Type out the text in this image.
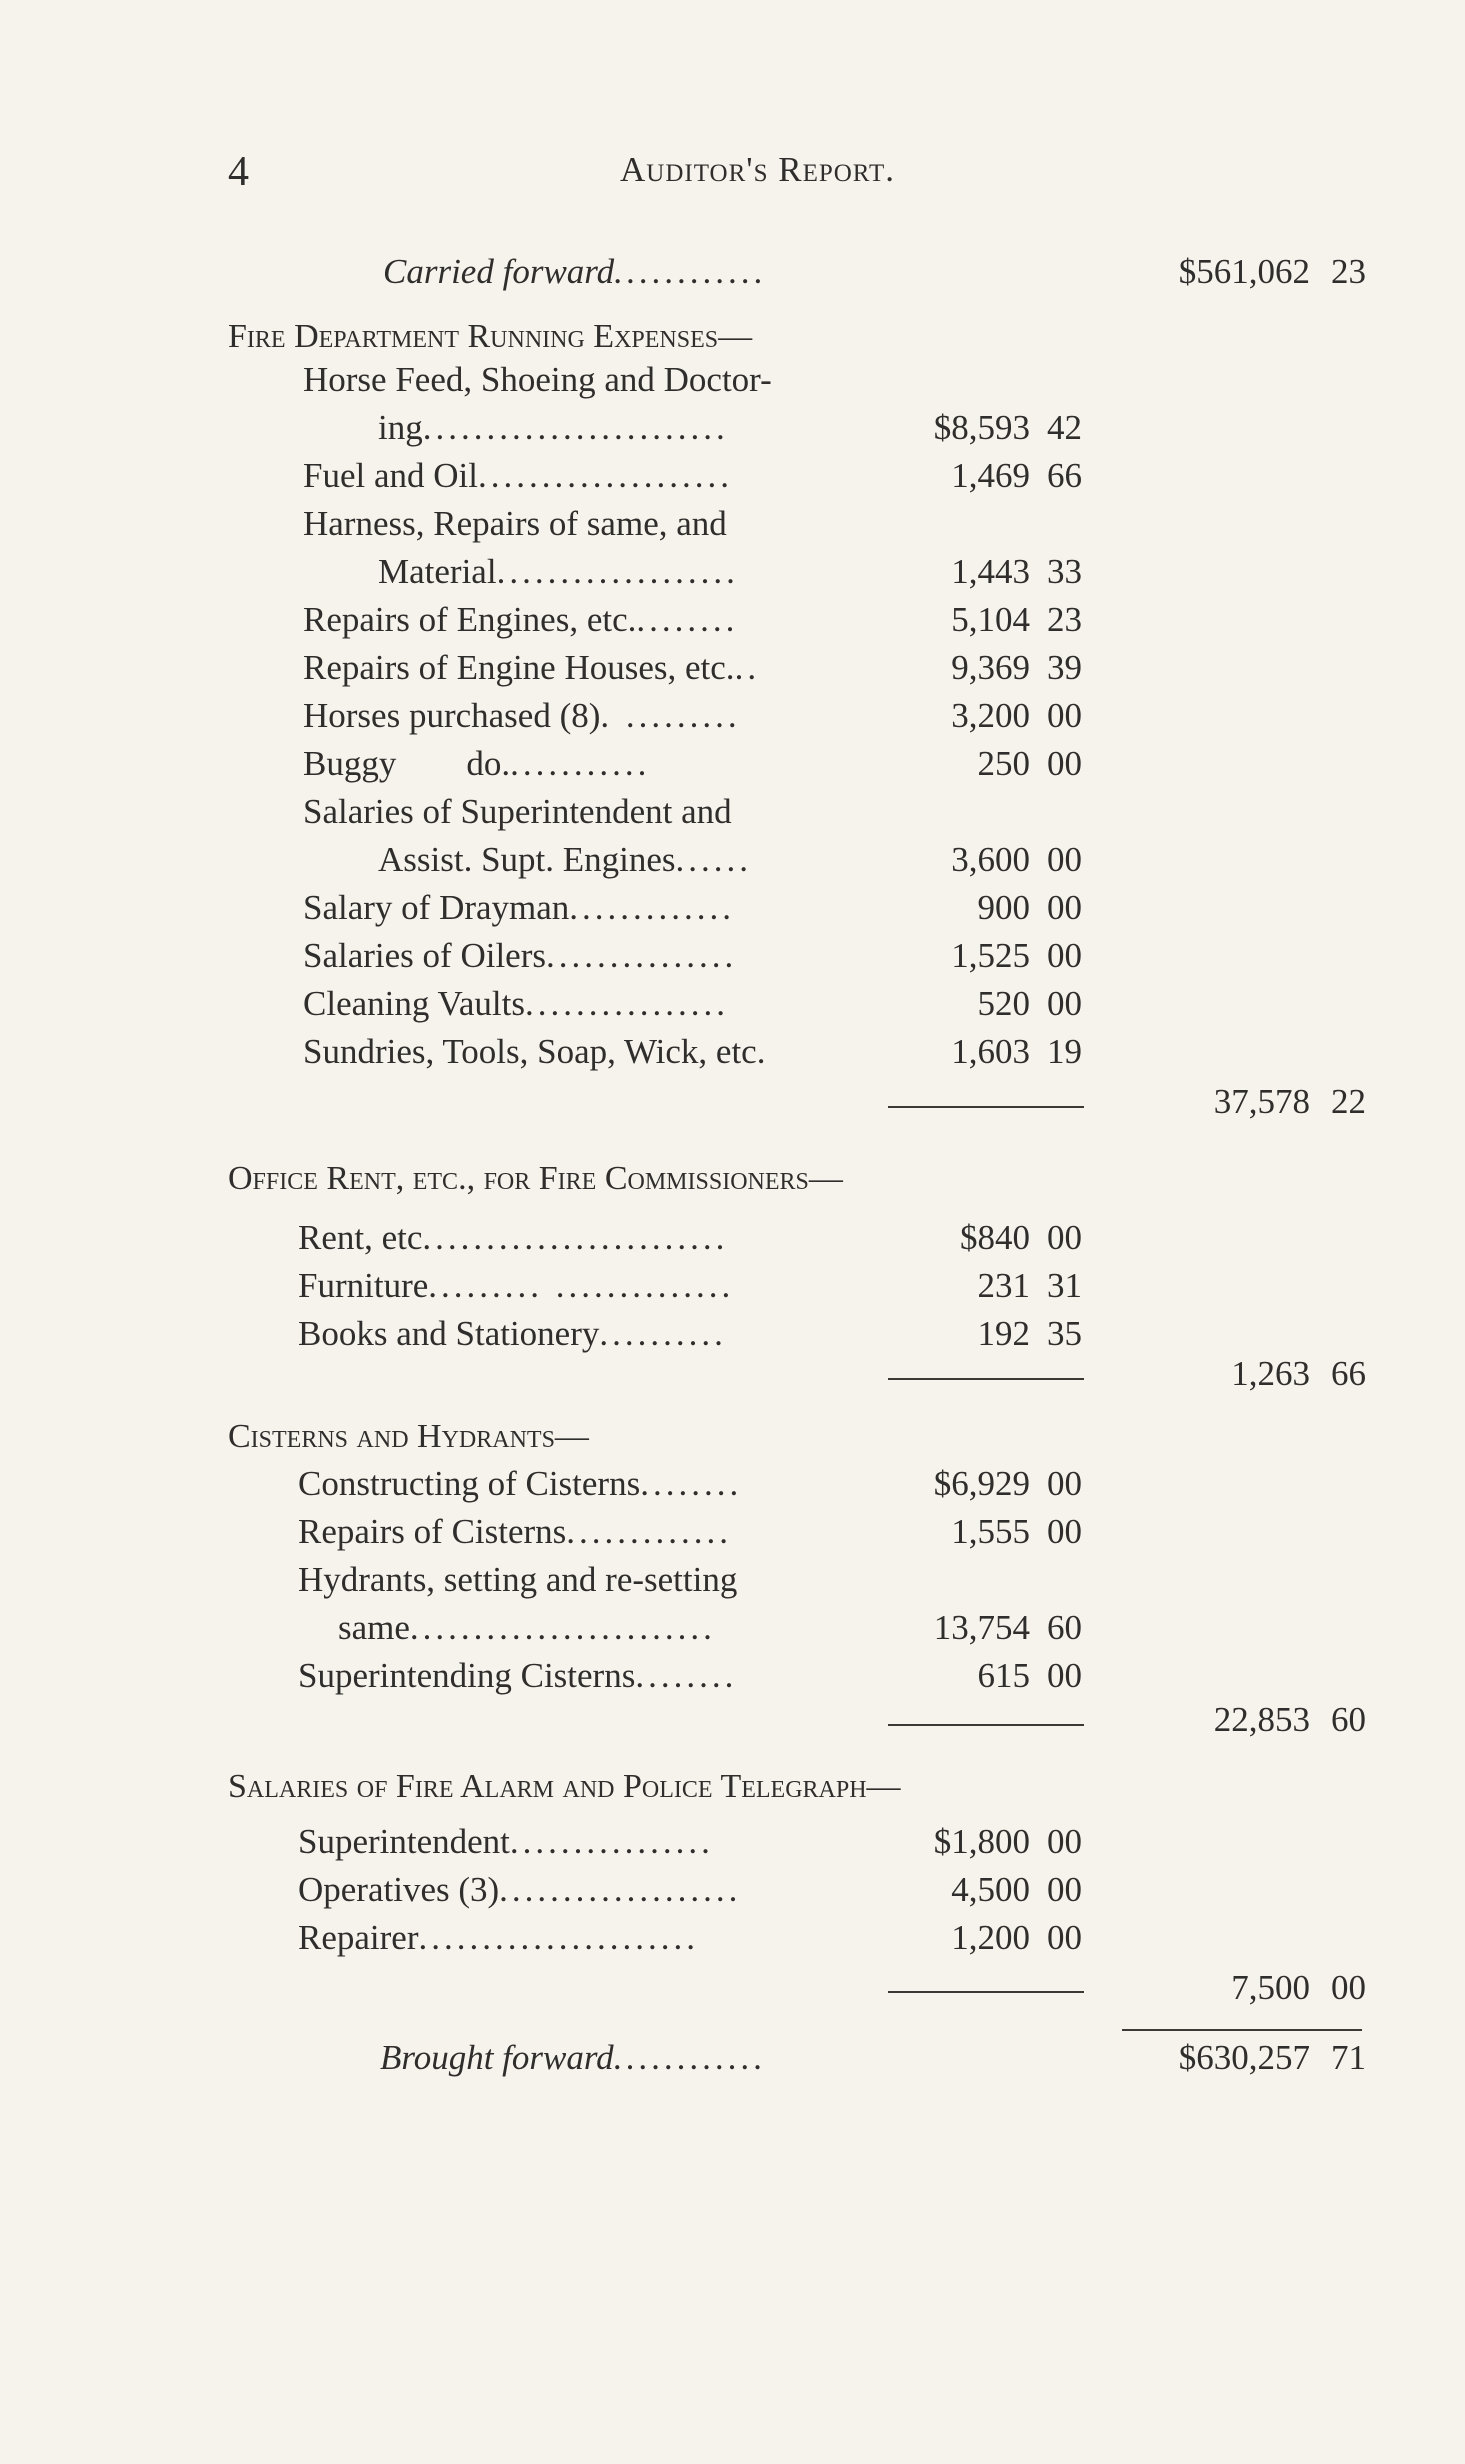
4	Auditor's Report.
Carried forward............	$561,062 23
Fire Department Running Expenses—
Horse Feed, Shoeing and Doctor-
ing........................	$8,593 42
Fuel and Oil....................	1,469 66
Harness, Repairs of same, and
Material...................	1,443 33
Repairs of Engines, etc.........	5,104 23
Repairs of Engine Houses, etc...	9,369 39
Horses purchased (8). .........	3,200 00
Buggy        do............	250 00
Salaries of Superintendent and
Assist. Supt. Engines......	3,600 00
Salary of Drayman.............	900 00
Salaries of Oilers...............	1,525 00
Cleaning Vaults................	520 00
Sundries, Tools, Soap, Wick, etc.	1,603 19
37,578 22
Office Rent, etc., for Fire Commissioners—
Rent, etc........................	$840 00
Furniture......... ..............	231 31
Books and Stationery..........	192 35
1,263 66
Cisterns and Hydrants—
Constructing of Cisterns........	$6,929 00
Repairs of Cisterns.............	1,555 00
Hydrants, setting and re-setting
same........................	13,754 60
Superintending Cisterns........	615 00
22,853 60
Salaries of Fire Alarm and Police Telegraph—
Superintendent................	$1,800 00
Operatives (3)...................	4,500 00
Repairer......................	1,200 00
7,500 00
Brought forward............	$630,257 71
